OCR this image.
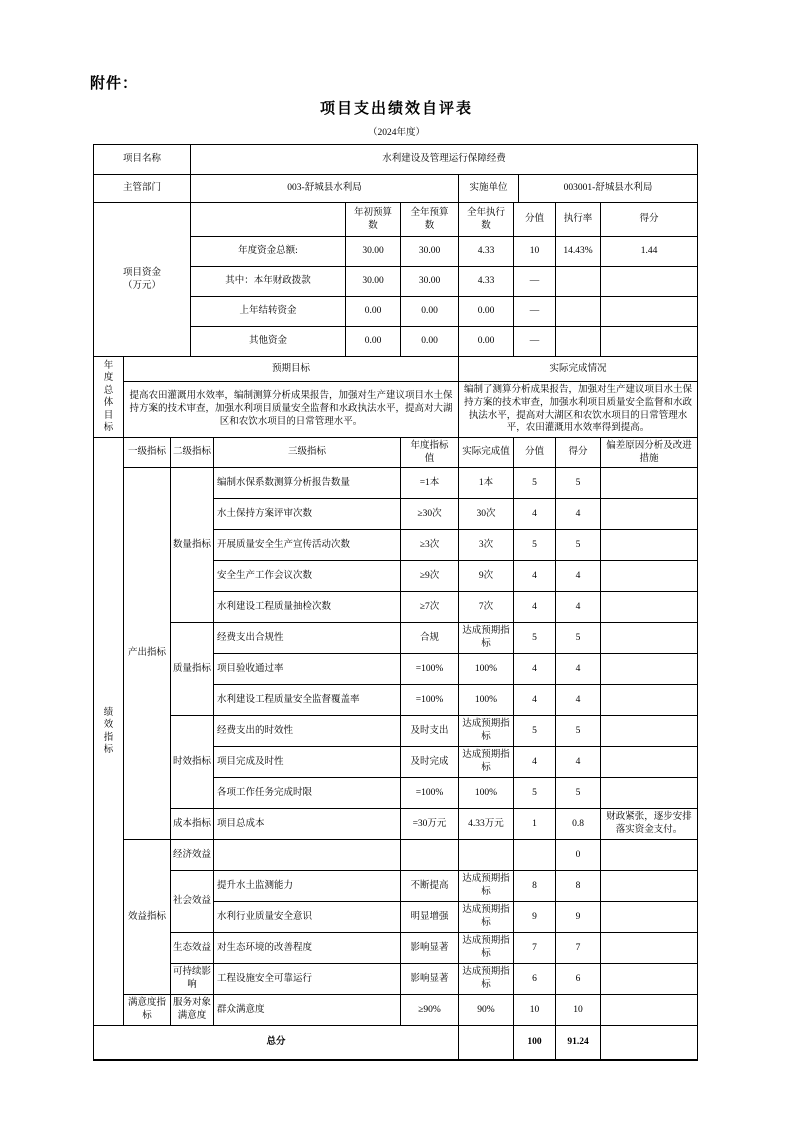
附件：
项目支出绩效自评表
（2024年度）
项目名称	水利建设及管理运行保障经费		
主管部门	003-舒城县水利局	实施单位	003001-舒城县水利局
项目资金
（万元）		年初预算数	全年预算数	全年执行数	分值	执行率	得分
	年度资金总额:	30.00	30.00	4.33	10	14.43%	1.44
	其中：本年财政拨款	30.00	30.00	4.33	—		
	上年结转资金	0.00	0.00	0.00	—		
	其他资金	0.00	0.00	0.00	—		
年度总体目标	预期目标	实际完成情况
	提高农田灌溉用水效率，编制测算分析成果报告，加强对生产建议项目水土保持方案的技术审查，加强水利项目质量安全监督和水政执法水平，提高对大湖区和农饮水项目的日常管理水平。	编制了测算分析成果报告，加强对生产建议项目水土保持方案的技术审查，加强水利项目质量安全监督和水政执法水平，提高对大湖区和农饮水项目的日常管理水平，农田灌溉用水效率得到提高。
绩效指标	一级指标	二级指标	三级指标	年度指标值	实际完成值	分值	得分	偏差原因分析及改进措施
	产出指标	数量指标	编制水保系数测算分析报告数量	=1本	1本	5	5	
			水土保持方案评审次数	≥30次	30次	4	4	
			开展质量安全生产宣传活动次数	≥3次	3次	5	5	
			安全生产工作会议次数	≥9次	9次	4	4	
			水利建设工程质量抽检次数	≥7次	7次	4	4	
		质量指标	经费支出合规性	合规	达成预期指标	5	5	
			项目验收通过率	=100%	100%	4	4	
			水利建设工程质量安全监督覆盖率	=100%	100%	4	4	
		时效指标	经费支出的时效性	及时支出	达成预期指标	5	5	
			项目完成及时性	及时完成	达成预期指标	4	4	
			各项工作任务完成时限	=100%	100%	5	5	
		成本指标	项目总成本	=30万元	4.33万元	1	0.8	财政紧张，逐步安排落实资金支付。
	效益指标	经济效益					0	
		社会效益	提升水土监测能力	不断提高	达成预期指标	8	8	
			水利行业质量安全意识	明显增强	达成预期指标	9	9	
		生态效益	对生态环境的改善程度	影响显著	达成预期指标	7	7	
		可持续影响	工程设施安全可靠运行	影响显著	达成预期指标	6	6	
	满意度指标	服务对象满意度	群众满意度	≥90%	90%	10	10	
总分						100	91.24	
